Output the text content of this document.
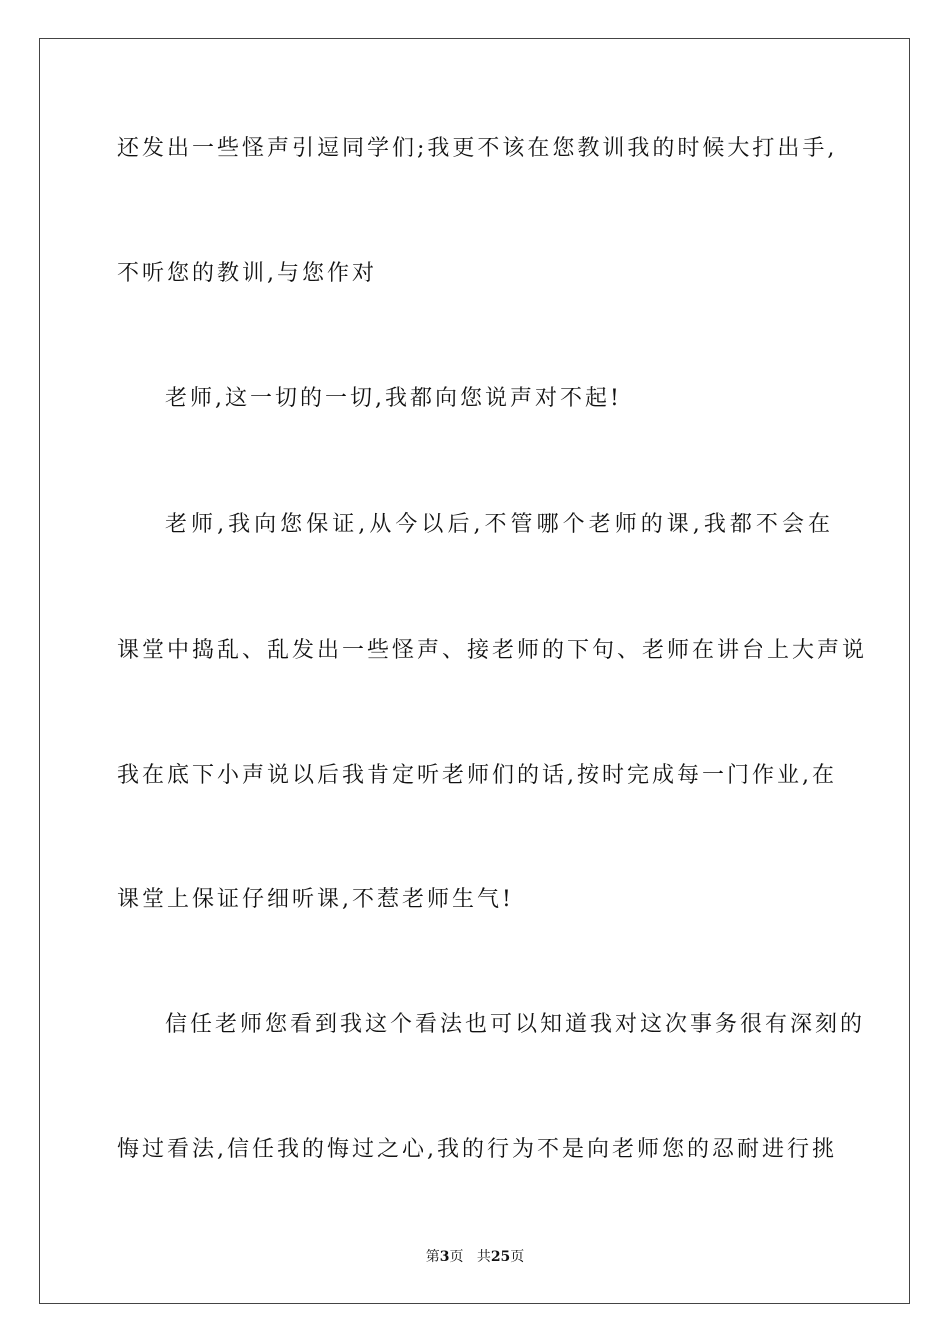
还发出一些怪声引逗同学们;我更不该在您教训我的时候大打出手,
不听您的教训,与您作对
老师,这一切的一切,我都向您说声对不起!
老师,我向您保证,从今以后,不管哪个老师的课,我都不会在
课堂中捣乱、乱发出一些怪声、接老师的下句、老师在讲台上大声说
我在底下小声说以后我肯定听老师们的话,按时完成每一门作业,在
课堂上保证仔细听课,不惹老师生气!
信任老师您看到我这个看法也可以知道我对这次事务很有深刻的
悔过看法,信任我的悔过之心,我的行为不是向老师您的忍耐进行挑
第3页 共25页
